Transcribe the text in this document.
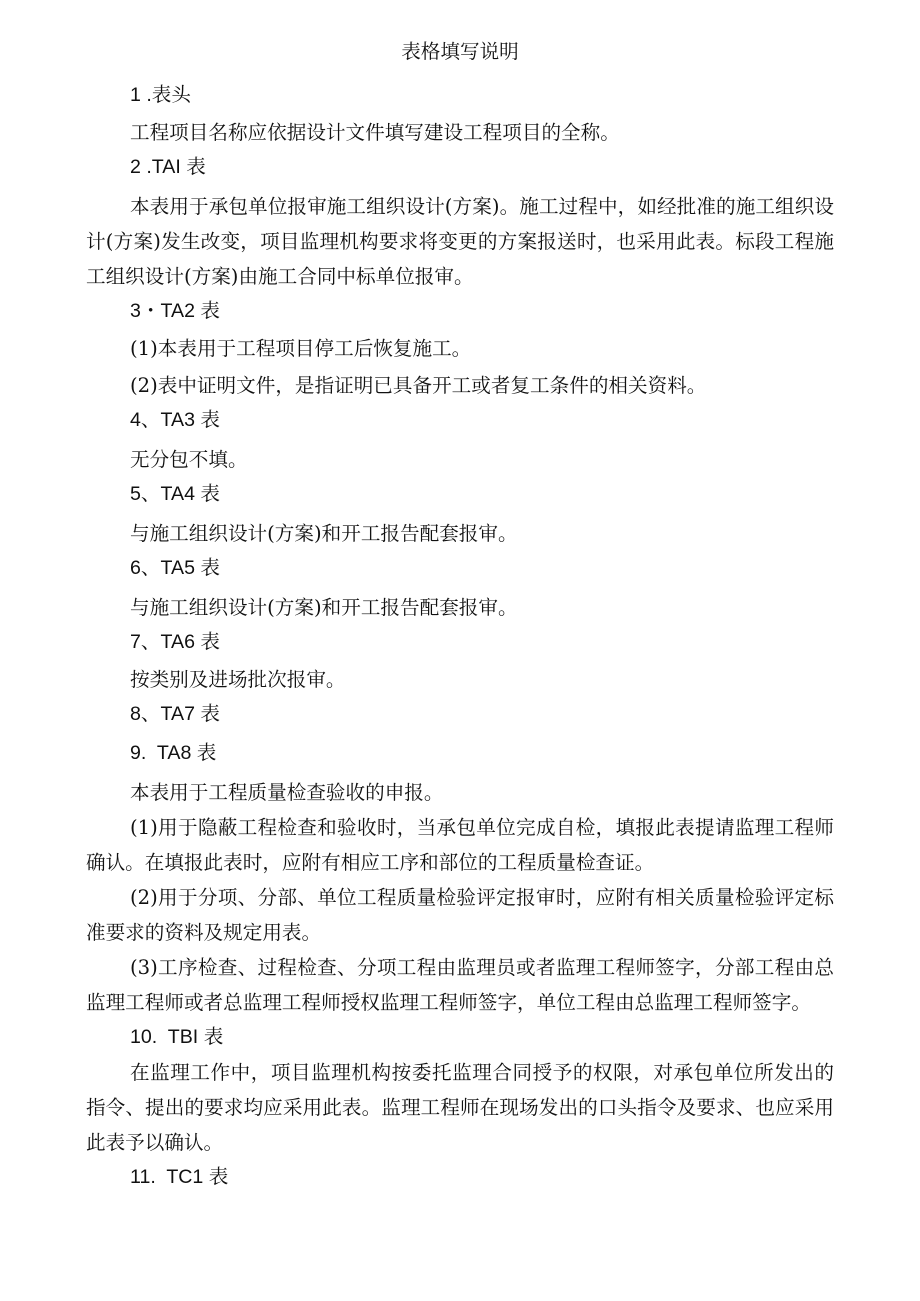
表格填写说明
1 .表头
工程项目名称应依据设计文件填写建设工程项目的全称。
2 .TAI 表
本表用于承包单位报审施工组织设计(方案)。施工过程中，如经批准的施工组织设计(方案)发生改变，项目监理机构要求将变更的方案报送时，也采用此表。标段工程施工组织设计(方案)由施工合同中标单位报审。
3・TA2 表
(1)本表用于工程项目停工后恢复施工。
(2)表中证明文件，是指证明已具备开工或者复工条件的相关资料。
4、TA3 表
无分包不填。
5、TA4 表
与施工组织设计(方案)和开工报告配套报审。
6、TA5 表
与施工组织设计(方案)和开工报告配套报审。
7、TA6 表
按类别及进场批次报审。
8、TA7 表
9.  TA8 表
本表用于工程质量检查验收的申报。
(1)用于隐蔽工程检查和验收时，当承包单位完成自检，填报此表提请监理工程师确认。在填报此表时，应附有相应工序和部位的工程质量检查证。
(2)用于分项、分部、单位工程质量检验评定报审时，应附有相关质量检验评定标准要求的资料及规定用表。
(3)工序检查、过程检查、分项工程由监理员或者监理工程师签字，分部工程由总监理工程师或者总监理工程师授权监理工程师签字，单位工程由总监理工程师签字。
10.  TBI 表
在监理工作中，项目监理机构按委托监理合同授予的权限，对承包单位所发出的指令、提出的要求均应采用此表。监理工程师在现场发出的口头指令及要求、也应采用此表予以确认。
11.  TC1 表
